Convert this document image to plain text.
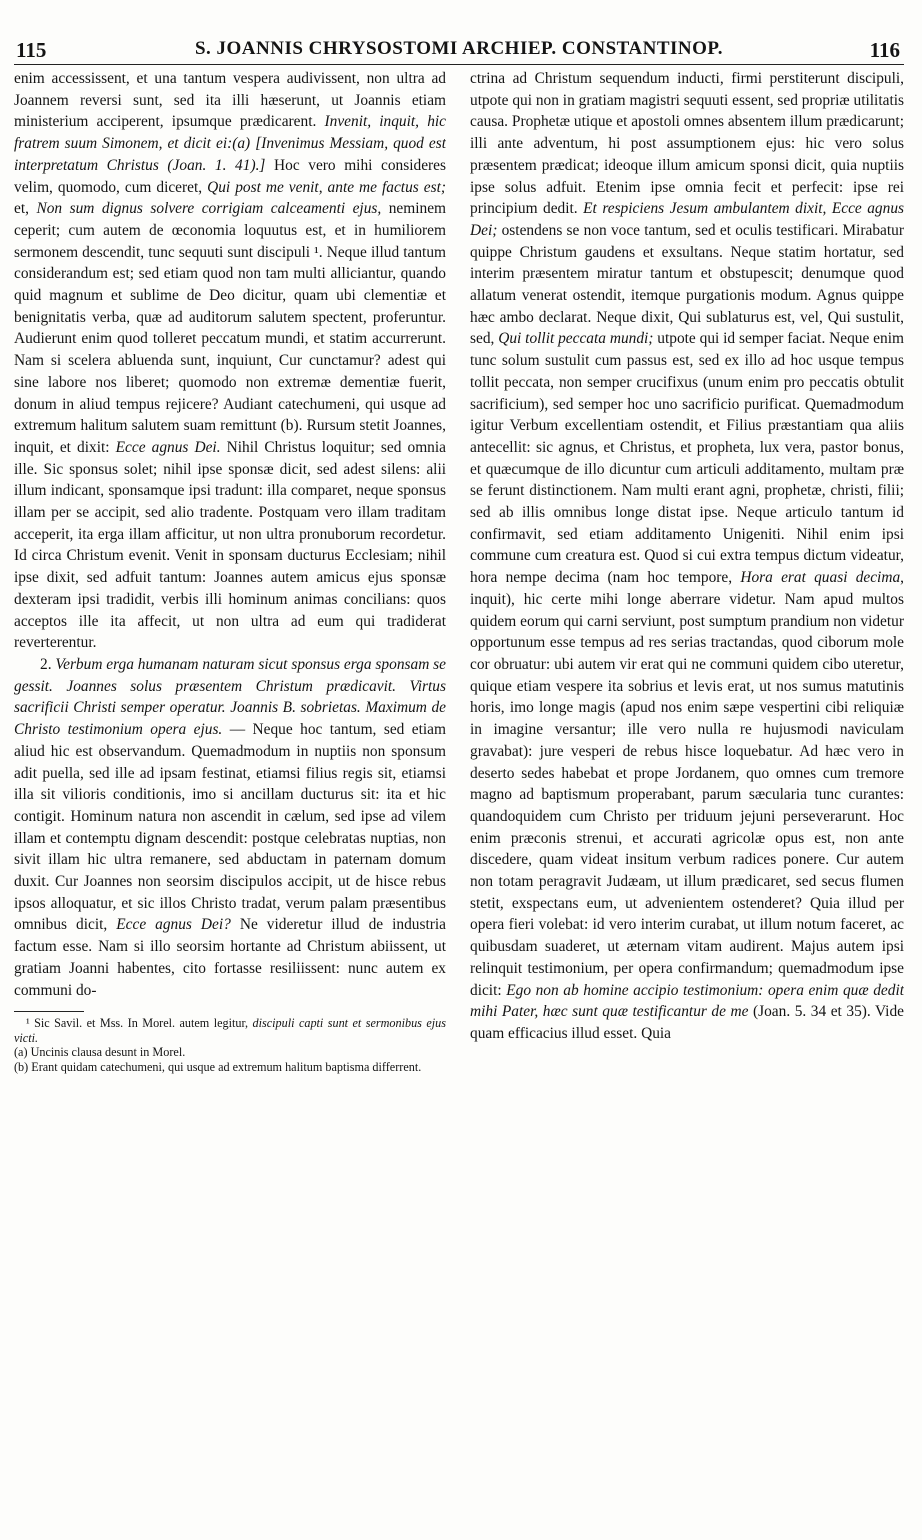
115	S. JOANNIS CHRYSOSTOMI ARCHIEP. CONSTANTINOP.	116

enim accessissent, et una tantum vespera audivissent, non ultra ad Joannem reversi sunt, sed ita illi hæserunt, ut Joannis etiam ministerium acciperent, ipsumque prædicarent. Invenit, inquit, hic fratrem suum Simonem, et dicit ei:(a) [Invenimus Messiam, quod est interpretatum Christus (Joan. 1. 41).] Hoc vero mihi consideres velim, quomodo, cum diceret, Qui post me venit, ante me factus est; et, Non sum dignus solvere corrigiam calceamenti ejus, neminem ceperit; cum autem de œconomia loquutus est, et in humiliorem sermonem descendit, tunc sequuti sunt discipuli ¹. Neque illud tantum considerandum est; sed etiam quod non tam multi alliciantur, quando quid magnum et sublime de Deo dicitur, quam ubi clementiæ et benignitatis verba, quæ ad auditorum salutem spectent, proferuntur. Audierunt enim quod tolleret peccatum mundi, et statim accurrerunt. Nam si scelera abluenda sunt, inquiunt, Cur cunctamur? adest qui sine labore nos liberet; quomodo non extremæ dementiæ fuerit, donum in aliud tempus rejicere? Audiant catechumeni, qui usque ad extremum halitum salutem suam remittunt (b). Rursum stetit Joannes, inquit, et dixit: Ecce agnus Dei. Nihil Christus loquitur; sed omnia ille. Sic sponsus solet; nihil ipse sponsæ dicit, sed adest silens: alii illum indicant, sponsamque ipsi tradunt: illa comparet, neque sponsus illam per se accipit, sed alio tradente. Postquam vero illam traditam acceperit, ita erga illam afficitur, ut non ultra pronuborum recordetur. Id circa Christum evenit. Venit in sponsam ducturus Ecclesiam; nihil ipse dixit, sed adfuit tantum: Joannes autem amicus ejus sponsæ dexteram ipsi tradidit, verbis illi hominum animas concilians: quos acceptos ille ita affecit, ut non ultra ad eum qui tradiderat reverterentur.

2. Verbum erga humanam naturam sicut sponsus erga sponsam se gessit. Joannes solus præsentem Christum prædicavit. Virtus sacrificii Christi semper operatur. Joannis B. sobrietas. Maximum de Christo testimonium opera ejus. — Neque hoc tantum, sed etiam aliud hic est observandum. Quemadmodum in nuptiis non sponsum adit puella, sed ille ad ipsam festinat, etiamsi filius regis sit, etiamsi illa sit vilioris conditionis, imo si ancillam ducturus sit: ita et hic contigit. Hominum natura non ascendit in cælum, sed ipse ad vilem illam et contemptu dignam descendit: postque celebratas nuptias, non sivit illam hic ultra remanere, sed abductam in paternam domum duxit. Cur Joannes non seorsim discipulos accipit, ut de hisce rebus ipsos alloquatur, et sic illos Christo tradat, verum palam præsentibus omnibus dicit, Ecce agnus Dei? Ne videretur illud de industria factum esse. Nam si illo seorsim hortante ad Christum abiissent, ut gratiam Joanni habentes, cito fortasse resiliissent: nunc autem ex communi do-

¹ Sic Savil. et Mss. In Morel. autem legitur, discipuli capti sunt et sermonibus ejus victi.

(a) Uncinis clausa desunt in Morel.

(b) Erant quidam catechumeni, qui usque ad extremum halitum baptisma differrent.

ctrina ad Christum sequendum inducti, firmi perstiterunt discipuli, utpote qui non in gratiam magistri sequuti essent, sed propriæ utilitatis causa. Prophetæ utique et apostoli omnes absentem illum prædicarunt; illi ante adventum, hi post assumptionem ejus: hic vero solus præsentem prædicat; ideoque illum amicum sponsi dicit, quia nuptiis ipse solus adfuit. Etenim ipse omnia fecit et perfecit: ipse rei principium dedit. Et respiciens Jesum ambulantem dixit, Ecce agnus Dei; ostendens se non voce tantum, sed et oculis testificari. Mirabatur quippe Christum gaudens et exsultans. Neque statim hortatur, sed interim præsentem miratur tantum et obstupescit; denumque quod allatum venerat ostendit, itemque purgationis modum. Agnus quippe hæc ambo declarat. Neque dixit, Qui sublaturus est, vel, Qui sustulit, sed, Qui tollit peccata mundi; utpote qui id semper faciat. Neque enim tunc solum sustulit cum passus est, sed ex illo ad hoc usque tempus tollit peccata, non semper crucifixus (unum enim pro peccatis obtulit sacrificium), sed semper hoc uno sacrificio purificat. Quemadmodum igitur Verbum excellentiam ostendit, et Filius præstantiam qua aliis antecellit: sic agnus, et Christus, et propheta, lux vera, pastor bonus, et quæcumque de illo dicuntur cum articuli additamento, multam præ se ferunt distinctionem. Nam multi erant agni, prophetæ, christi, filii; sed ab illis omnibus longe distat ipse. Neque articulo tantum id confirmavit, sed etiam additamento Unigeniti. Nihil enim ipsi commune cum creatura est. Quod si cui extra tempus dictum videatur, hora nempe decima (nam hoc tempore, Hora erat quasi decima, inquit), hic certe mihi longe aberrare videtur. Nam apud multos quidem eorum qui carni serviunt, post sumptum prandium non videtur opportunum esse tempus ad res serias tractandas, quod ciborum mole cor obruatur: ubi autem vir erat qui ne communi quidem cibo uteretur, quique etiam vespere ita sobrius et levis erat, ut nos sumus matutinis horis, imo longe magis (apud nos enim sæpe vespertini cibi reliquiæ in imagine versantur; ille vero nulla re hujusmodi naviculam gravabat): jure vesperi de rebus hisce loquebatur. Ad hæc vero in deserto sedes habebat et prope Jordanem, quo omnes cum tremore magno ad baptismum properabant, parum sæcularia tunc curantes: quandoquidem cum Christo per triduum jejuni perseverarunt. Hoc enim præconis strenui, et accurati agricolæ opus est, non ante discedere, quam videat insitum verbum radices ponere. Cur autem non totam peragravit Judæam, ut illum prædicaret, sed secus flumen stetit, exspectans eum, ut advenientem ostenderet? Quia illud per opera fieri volebat: id vero interim curabat, ut illum notum faceret, ac quibusdam suaderet, ut æternam vitam audirent. Majus autem ipsi relinquit testimonium, per opera confirmandum; quemadmodum ipse dicit: Ego non ab homine accipio testimonium: opera enim quæ dedit mihi Pater, hæc sunt quæ testificantur de me (Joan. 5. 34 et 35). Vide quam efficacius illud esset. Quia
